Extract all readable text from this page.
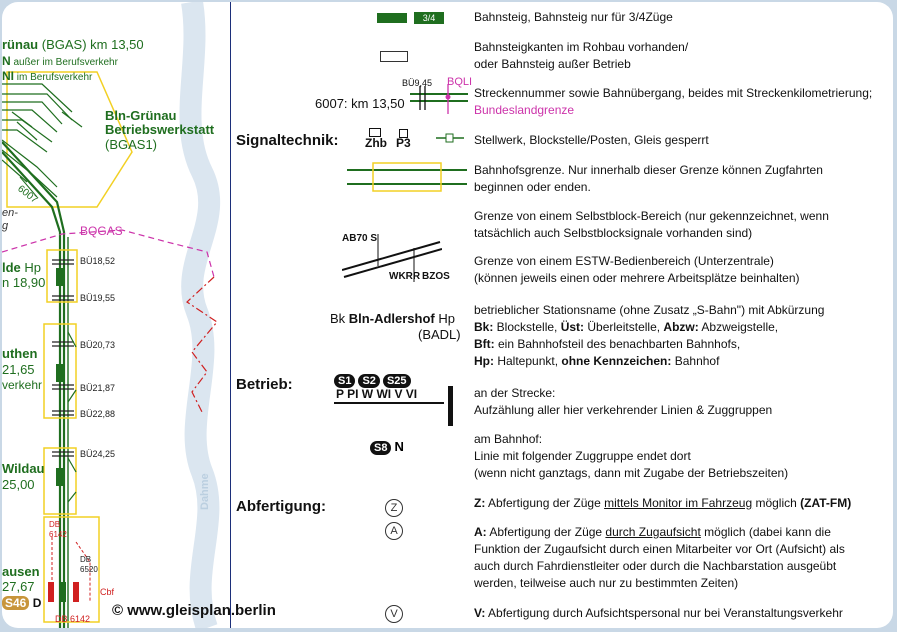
rünau (BGAS) km 13,50
N außer im Berufsverkehr
NI im Berufsverkehr
Bln-Grünau
Betriebswerkstatt
(BGAS1)
6007
en-
g	BQGAS
lde Hp
n 18,90
BÜ18,52
BÜ19,55
uthen
21,65
verkehr
BÜ20,73
BÜ21,87
BÜ22,88
Wildau
25,00
BÜ24,25
Dahme
ausen
27,67
S46 D
DB 6142
DB 6520
Cbf
DB 6142 © www.gleisplan.berlin
3/4	Bahnsteig, Bahnsteig nur für 3/4Züge
Bahnsteigkanten im Rohbau vorhanden/
oder Bahnsteig außer Betrieb
BÜ9,45 BQLI
6007: km 13,50
Streckennummer sowie Bahnübergang, beides mit Streckenkilometrierung;
Bundeslandgrenze
Signaltechnik: Zhb P3	Stellwerk, Blockstelle/Posten, Gleis gesperrt
Bahnhofsgrenze. Nur innerhalb dieser Grenze können Zugfahrten
beginnen oder enden.
AB70 S
WKRR BZOS
Grenze von einem Selbstblock-Bereich (nur gekennzeichnet, wenn
tatsächlich auch Selbstblocksignale vorhanden sind)
Grenze von einem ESTW-Bedienbereich (Unterzentrale)
(können jeweils einen oder mehrere Arbeitsplätze beinhalten)
Bk Bln-Adlershof Hp
(BADL)
betrieblicher Stationsname (ohne Zusatz „S-Bahn") mit Abkürzung
Bk: Blockstelle, Üst: Überleitstelle, Abzw: Abzweigstelle,
Bft: ein Bahnhofsteil des benachbarten Bahnhofs,
Hp: Haltepunkt, ohne Kennzeichen: Bahnhof
Betrieb:	S1 S2 S25
P PI W WI V VI	an der Strecke:
Aufzählung aller hier verkehrender Linien & Zuggruppen
S8 N	am Bahnhof:
Linie mit folgender Zuggruppe endet dort
(wenn nicht ganztags, dann mit Zugabe der Betriebszeiten)
Abfertigung:	Z	Z: Abfertigung der Züge mittels Monitor im Fahrzeug möglich (ZAT-FM)
A	A: Abfertigung der Züge durch Zugaufsicht möglich (dabei kann die
Funktion der Zugaufsicht durch einen Mitarbeiter vor Ort (Aufsicht) als
auch durch Fahrdienstleiter oder durch die Nachbarstation ausgeübt
werden, teilweise auch nur zu bestimmten Zeiten)
V	V: Abfertigung durch Aufsichtspersonal nur bei Veranstaltungsverkehr
